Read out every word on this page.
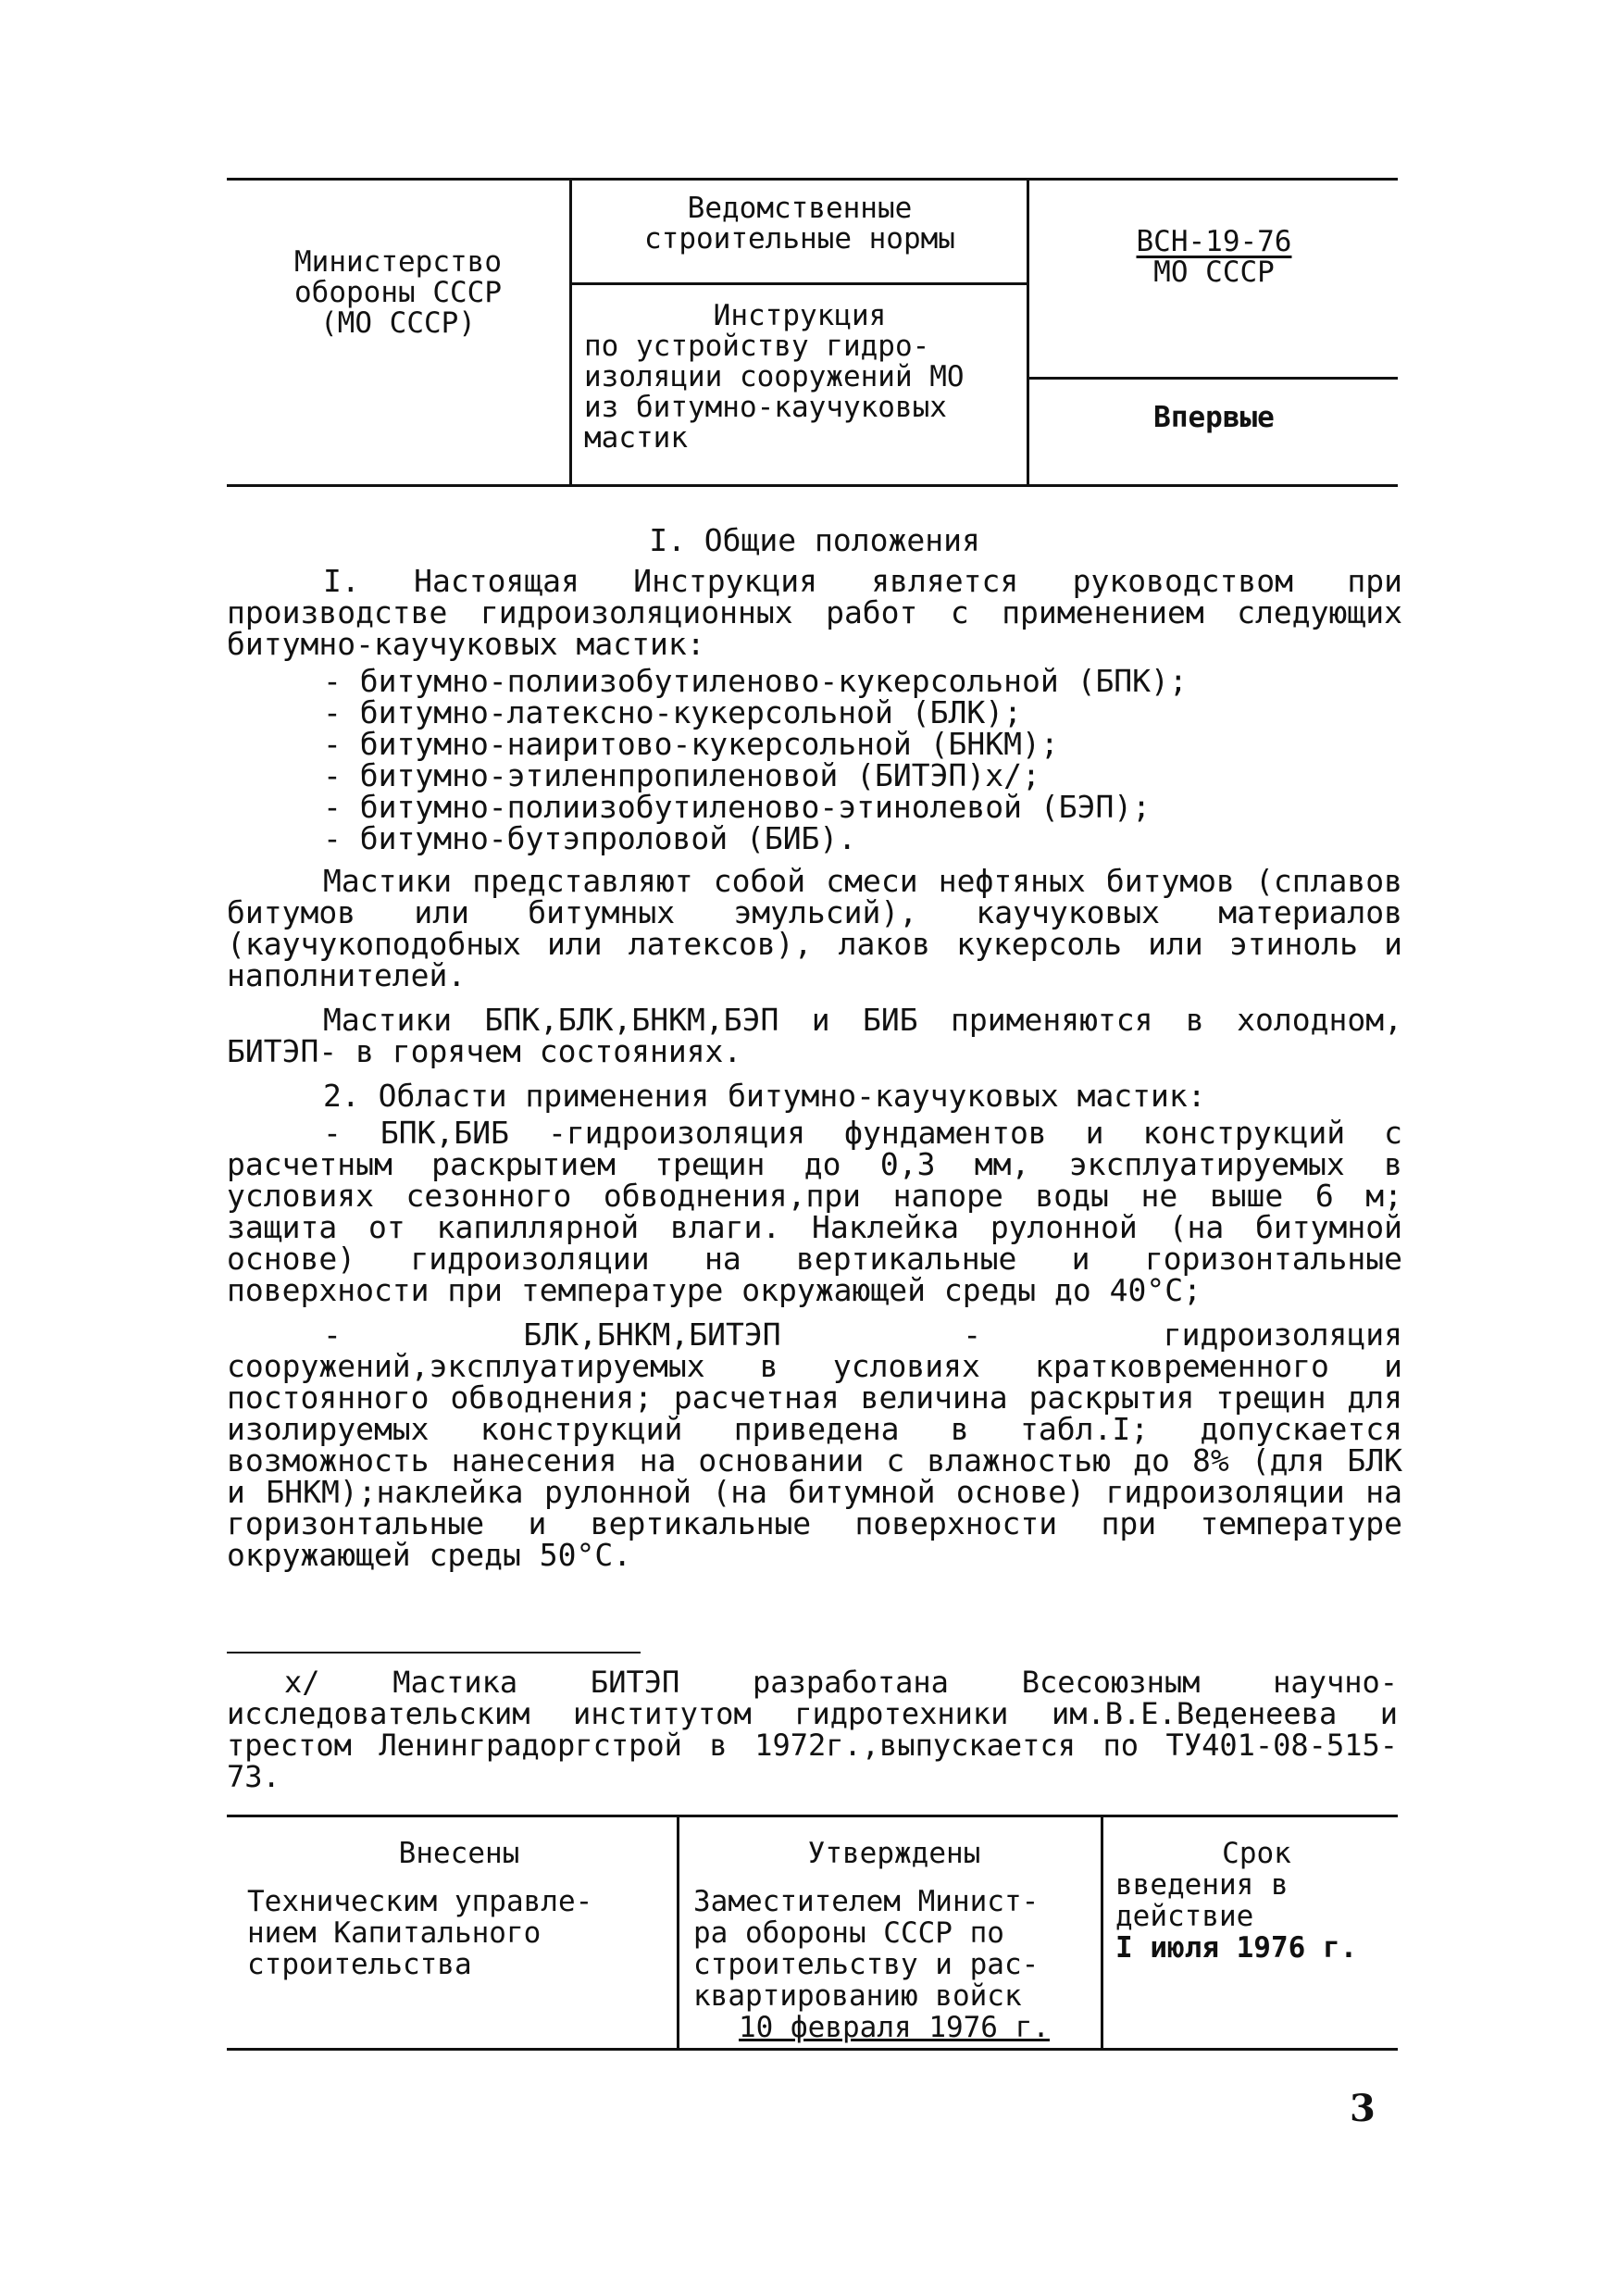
Министерство
обороны СССР
(МО СССР)
Ведомственные
строительные нормы
Инструкция
по устройству гидро-
изоляции сооружений МО
из битумно-каучуковых
мастик
ВСН-19-76
МО СССР
Впервые
I. Общие положения

I. Настоящая Инструкция является руководством при производстве гидроизоляционных работ с применением следующих битумно-каучуковых мастик:

- битумно-полиизобутиленово-кукерсольной (БПК);
- битумно-латексно-кукерсольной (БЛК);
- битумно-наиритово-кукерсольной (БНКМ);
- битумно-этиленпропиленовой (БИТЭП)х/;
- битумно-полиизобутиленово-этинолевой (БЭП);
- битумно-бутэпроловой (БИБ).

Мастики представляют собой смеси нефтяных битумов (сплавов битумов или битумных эмульсий), каучуковых материалов (каучукоподобных или латексов), лаков кукерсоль или этиноль и наполнителей.

Мастики БПК,БЛК,БНКМ,БЭП и БИБ применяются в холодном, БИТЭП- в горячем состояниях.

2. Области применения битумно-каучуковых мастик:

- БПК,БИБ -гидроизоляция фундаментов и конструкций с расчетным раскрытием трещин до 0,3 мм, эксплуатируемых в условиях сезонного обводнения,при напоре воды не выше 6 м; защита от капиллярной влаги. Наклейка рулонной (на битумной основе) гидроизоляции на вертикальные и горизонтальные поверхности при температуре окружающей среды до 40°С;

- БЛК,БНКМ,БИТЭП - гидроизоляция сооружений,эксплуатируемых в условиях кратковременного и постоянного обводнения; расчетная величина раскрытия трещин для изолируемых конструкций приведена в табл.I; допускается возможность нанесения на основании с влажностью до 8% (для БЛК и БНКМ);наклейка рулонной (на битумной основе) гидроизоляции на горизонтальные и вертикальные поверхности при температуре окружающей среды 50°С.

х/ Мастика БИТЭП разработана Всесоюзным научно-исследовательским институтом гидротехники им.В.Е.Веденеева и трестом Ленинградоргстрой в 1972г.,выпускается по ТУ401-08-515-73.
Внесены
Техническим управле-
нием Капитального
строительства
Утверждены
Заместителем Минист-
ра обороны СССР по
строительству и рас-
квартированию войск
10 февраля 1976 г.
Срок
введения в
действие
I июля 1976 г.
3
